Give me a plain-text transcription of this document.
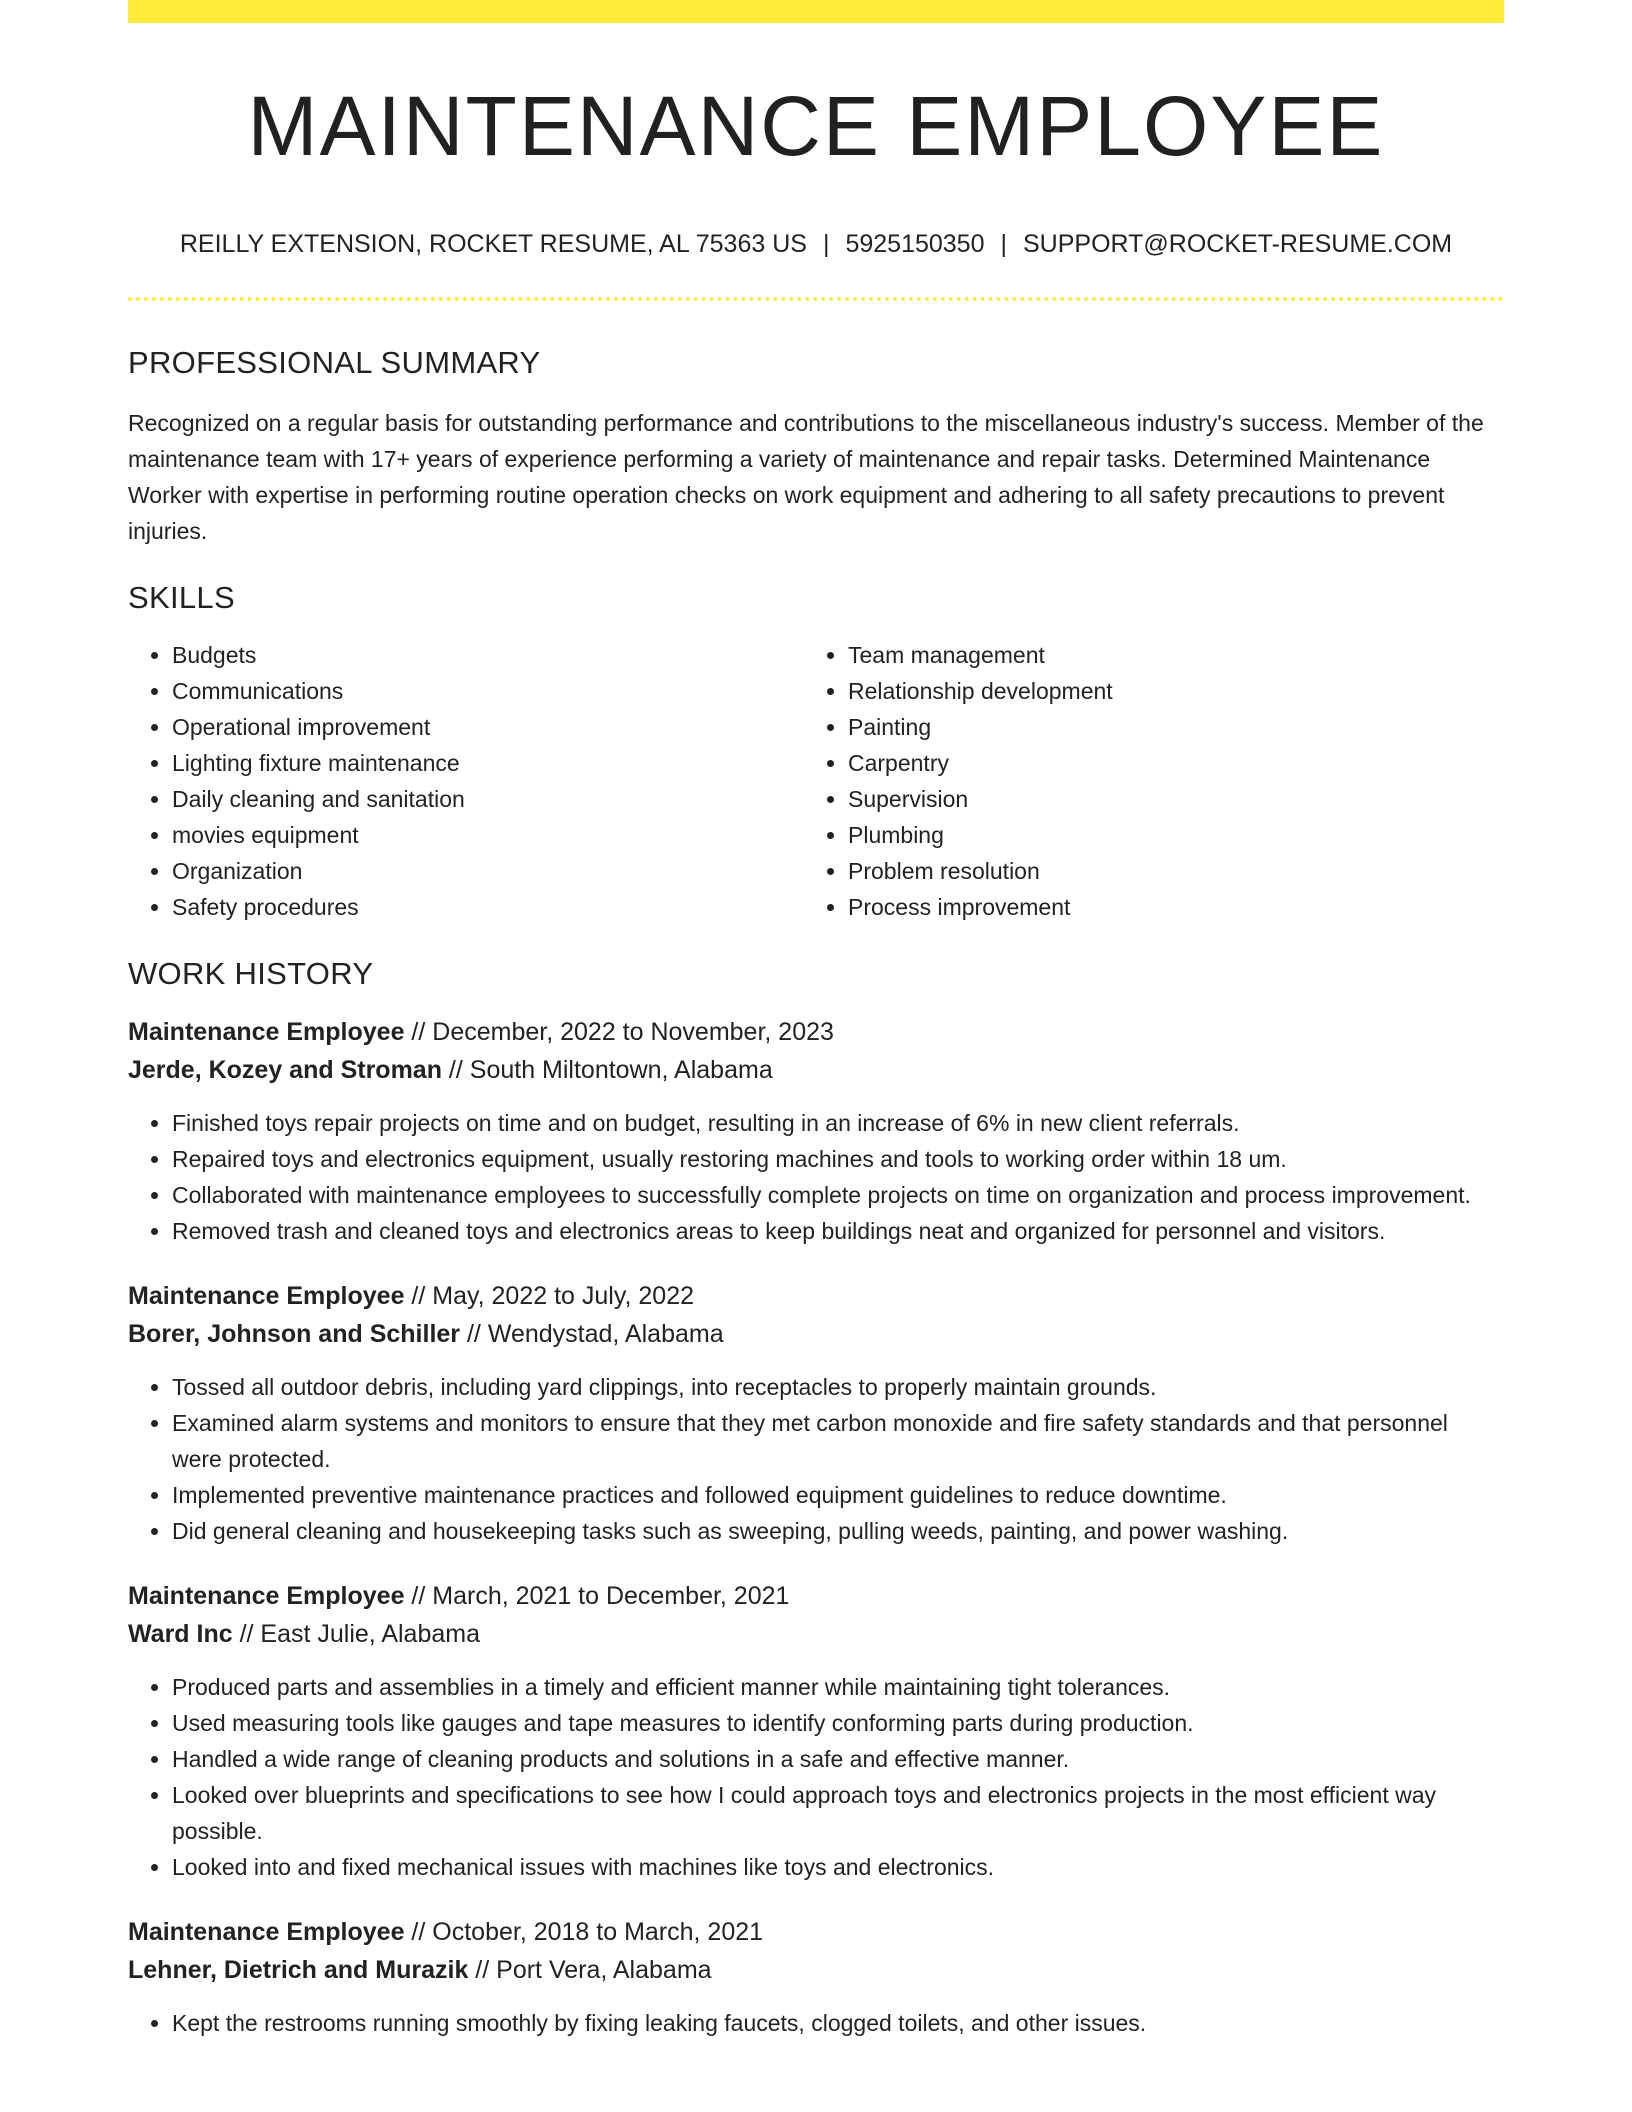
MAINTENANCE EMPLOYEE
REILLY EXTENSION, ROCKET RESUME, AL 75363 US | 5925150350 | SUPPORT@ROCKET-RESUME.COM
PROFESSIONAL SUMMARY
Recognized on a regular basis for outstanding performance and contributions to the miscellaneous industry's success. Member of the maintenance team with 17+ years of experience performing a variety of maintenance and repair tasks. Determined Maintenance Worker with expertise in performing routine operation checks on work equipment and adhering to all safety precautions to prevent injuries.
SKILLS
• Budgets
• Communications
• Operational improvement
• Lighting fixture maintenance
• Daily cleaning and sanitation
• movies equipment
• Organization
• Safety procedures
• Team management
• Relationship development
• Painting
• Carpentry
• Supervision
• Plumbing
• Problem resolution
• Process improvement
WORK HISTORY
Maintenance Employee // December, 2022 to November, 2023
Jerde, Kozey and Stroman // South Miltontown, Alabama
• Finished toys repair projects on time and on budget, resulting in an increase of 6% in new client referrals.
• Repaired toys and electronics equipment, usually restoring machines and tools to working order within 18 um.
• Collaborated with maintenance employees to successfully complete projects on time on organization and process improvement.
• Removed trash and cleaned toys and electronics areas to keep buildings neat and organized for personnel and visitors.
Maintenance Employee // May, 2022 to July, 2022
Borer, Johnson and Schiller // Wendystad, Alabama
• Tossed all outdoor debris, including yard clippings, into receptacles to properly maintain grounds.
• Examined alarm systems and monitors to ensure that they met carbon monoxide and fire safety standards and that personnel were protected.
• Implemented preventive maintenance practices and followed equipment guidelines to reduce downtime.
• Did general cleaning and housekeeping tasks such as sweeping, pulling weeds, painting, and power washing.
Maintenance Employee // March, 2021 to December, 2021
Ward Inc // East Julie, Alabama
• Produced parts and assemblies in a timely and efficient manner while maintaining tight tolerances.
• Used measuring tools like gauges and tape measures to identify conforming parts during production.
• Handled a wide range of cleaning products and solutions in a safe and effective manner.
• Looked over blueprints and specifications to see how I could approach toys and electronics projects in the most efficient way possible.
• Looked into and fixed mechanical issues with machines like toys and electronics.
Maintenance Employee // October, 2018 to March, 2021
Lehner, Dietrich and Murazik // Port Vera, Alabama
• Kept the restrooms running smoothly by fixing leaking faucets, clogged toilets, and other issues.
